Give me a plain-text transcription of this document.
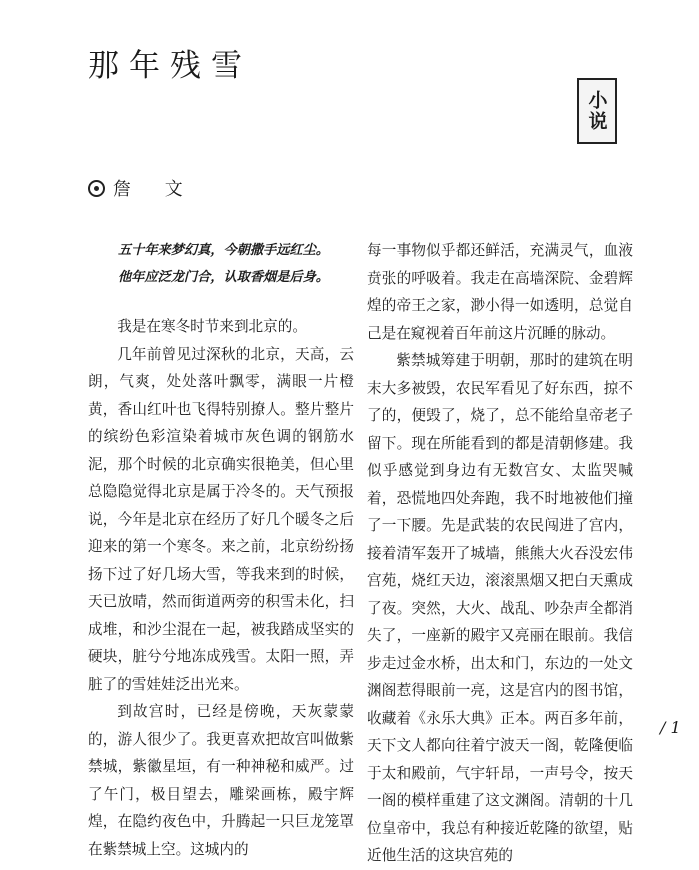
那年残雪
小说
詹 文
五十年来梦幻真，今朝撒手远红尘。
他年应泛龙门合，认取香烟是后身。

我是在寒冬时节来到北京的。

几年前曾见过深秋的北京，天高，云朗，气爽，处处落叶飘零，满眼一片橙黄，香山红叶也飞得特别撩人。整片整片的缤纷色彩渲染着城市灰色调的钢筋水泥，那个时候的北京确实很艳美，但心里总隐隐觉得北京是属于冷冬的。天气预报说，今年是北京在经历了好几个暖冬之后迎来的第一个寒冬。来之前，北京纷纷扬扬下过了好几场大雪，等我来到的时候，天已放晴，然而街道两旁的积雪未化，扫成堆，和沙尘混在一起，被我踏成坚实的硬块，脏兮兮地冻成残雪。太阳一照，弄脏了的雪娃娃泛出光来。

到故宫时，已经是傍晚，天灰蒙蒙的，游人很少了。我更喜欢把故宫叫做紫禁城，紫徽星垣，有一种神秘和威严。过了午门，极目望去，雕梁画栋，殿宇辉煌，在隐约夜色中，升腾起一只巨龙笼罩在紫禁城上空。这城内的

每一事物似乎都还鲜活，充满灵气，血液贲张的呼吸着。我走在高墙深院、金碧辉煌的帝王之家，渺小得一如透明，总觉自己是在窥视着百年前这片沉睡的脉动。

紫禁城筹建于明朝，那时的建筑在明末大多被毁，农民军看见了好东西，掠不了的，便毁了，烧了，总不能给皇帝老子留下。现在所能看到的都是清朝修建。我似乎感觉到身边有无数宫女、太监哭喊着，恐慌地四处奔跑，我不时地被他们撞了一下腰。先是武装的农民闯进了宫内，接着清军轰开了城墙，熊熊大火吞没宏伟宫苑，烧红天边，滚滚黑烟又把白天熏成了夜。突然，大火、战乱、吵杂声全都消失了，一座新的殿宇又亮丽在眼前。我信步走过金水桥，出太和门，东边的一处文渊阁惹得眼前一亮，这是宫内的图书馆，收藏着《永乐大典》正本。两百多年前，天下文人都向往着宁波天一阁，乾隆便临于太和殿前，气宇轩昂，一声号令，按天一阁的模样重建了这文渊阁。清朝的十几位皇帝中，我总有种接近乾隆的欲望，贴近他生活的这块宫苑的

/ 1
